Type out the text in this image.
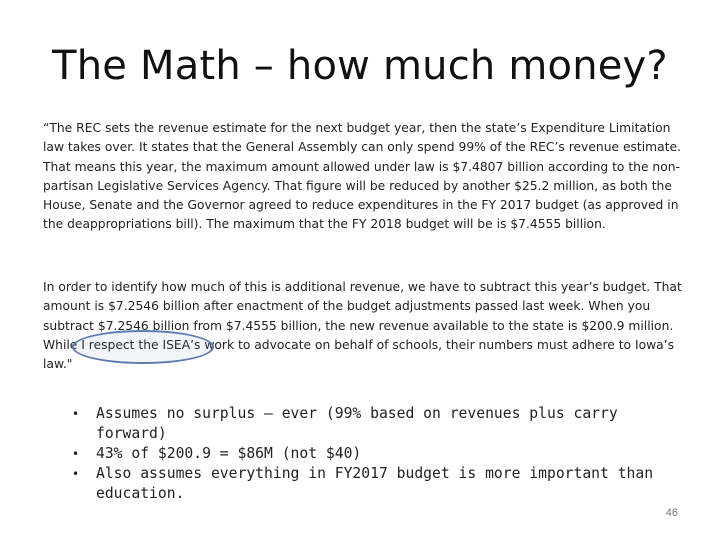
The Math – how much money?

“The REC sets the revenue estimate for the next budget year, then the state’s Expenditure Limitation law takes over. It states that the General Assembly can only spend 99% of the REC’s revenue estimate. That means this year, the maximum amount allowed under law is $7.4807 billion according to the non-partisan Legislative Services Agency. That figure will be reduced by another $25.2 million, as both the House, Senate and the Governor agreed to reduce expenditures in the FY 2017 budget (as approved in the deappropriations bill). The maximum that the FY 2018 budget will be is $7.4555 billion.

In order to identify how much of this is additional revenue, we have to subtract this year’s budget. That amount is $7.2546 billion after enactment of the budget adjustments passed last week. When you subtract $7.2546 billion from $7.4555 billion, the new revenue available to the state is $200.9 million. While I respect the ISEA’s work to advocate on behalf of schools, their numbers must adhere to Iowa’s law."

• Assumes no surplus – ever (99% based on revenues plus carry forward)
• 43% of $200.9 = $86M (not $40)
• Also assumes everything in FY2017 budget is more important than education.
46
